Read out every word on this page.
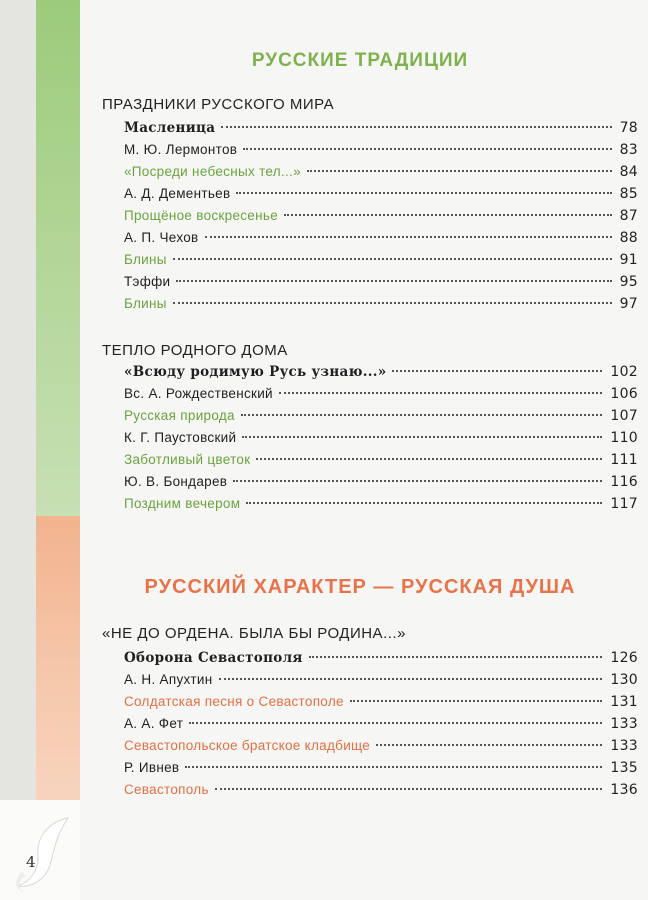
4
РУССКИЕ ТРАДИЦИИ
ПРАЗДНИКИ РУССКОГО МИРА
Масленица	78
М. Ю. Лермонтов	83
«Посреди небесных тел...»	84
А. Д. Дементьев	85
Прощёное воскресенье	87
А. П. Чехов	88
Блины	91
Тэффи	95
Блины	97
ТЕПЛО РОДНОГО ДОМА
«Всюду родимую Русь узнаю...»	102
Вс. А. Рождественский	106
Русская природа	107
К. Г. Паустовский	110
Заботливый цветок	111
Ю. В. Бондарев	116
Поздним вечером	117
РУССКИЙ ХАРАКТЕР — РУССКАЯ ДУША
«НЕ ДО ОРДЕНА. БЫЛА БЫ РОДИНА...»
Оборона Севастополя	126
А. Н. Апухтин	130
Солдатская песня о Севастополе	131
А. А. Фет	133
Севастопольское братское кладбище	133
Р. Ивнев	135
Севастополь	136
